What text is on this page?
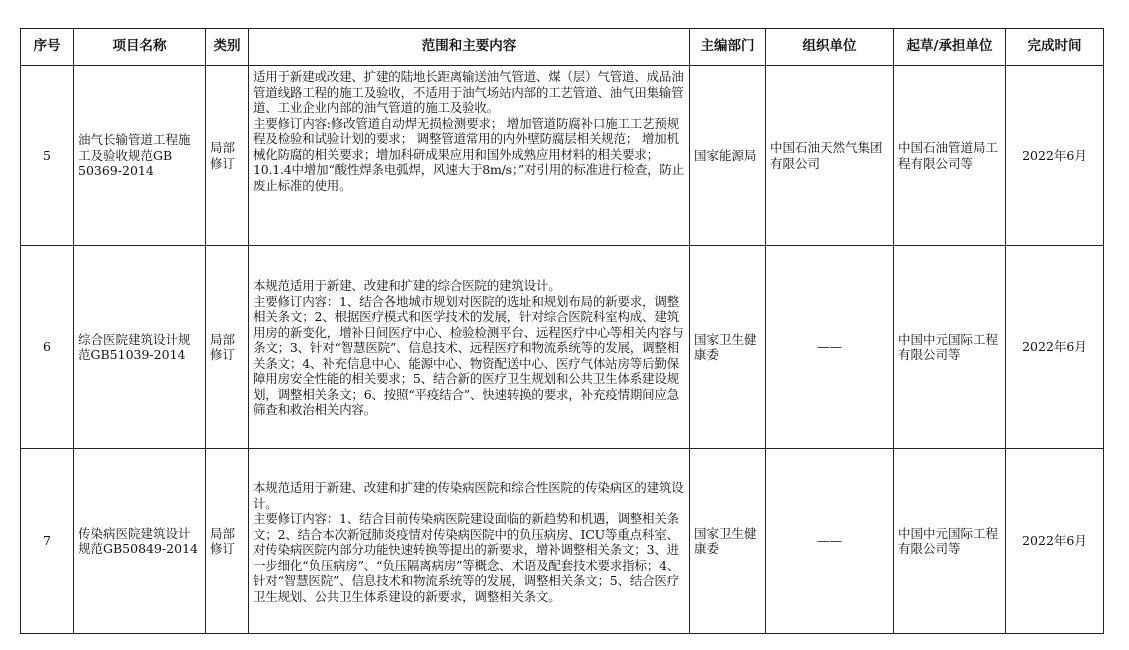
序号	项目名称	类别	范围和主要内容	主编部门	组织单位	起草/承担单位	完成时间
5	油气长输管道工程施工及验收规范GB 50369-2014	局部修订	适用于新建或改建、扩建的陆地长距离输送油气管道、煤（层）气管道、成品油管道线路工程的施工及验收，不适用于油气场站内部的工艺管道、油气田集输管道、工业企业内部的油气管道的施工及验收。
主要修订内容:修改管道自动焊无损检测要求； 增加管道防腐补口施工工艺预规程及检验和试验计划的要求； 调整管道常用的内外壁防腐层相关规范； 增加机械化防腐的相关要求；增加科研成果应用和国外成熟应用材料的相关要求；10.1.4中增加“酸性焊条电弧焊，风速大于8m/s；”对引用的标准进行检查，防止废止标准的使用。	国家能源局	中国石油天然气集团有限公司	中国石油管道局工程有限公司等	2022年6月
6	综合医院建筑设计规范GB51039-2014	局部修订	本规范适用于新建、改建和扩建的综合医院的建筑设计。
主要修订内容：1、结合各地城市规划对医院的选址和规划布局的新要求，调整相关条文；2、根据医疗模式和医学技术的发展，针对综合医院科室构成、建筑用房的新变化，增补日间医疗中心、检验检测平台、远程医疗中心等相关内容与条文；3、针对“智慧医院”、信息技术、远程医疗和物流系统等的发展，调整相关条文；4、补充信息中心、能源中心、物资配送中心、医疗气体站房等后勤保障用房安全性能的相关要求；5、结合新的医疗卫生规划和公共卫生体系建设规划，调整相关条文；6、按照“平疫结合”、快速转换的要求，补充疫情期间应急筛查和救治相关内容。	国家卫生健康委	——	中国中元国际工程有限公司等	2022年6月
7	传染病医院建筑设计规范GB50849-2014	局部修订	本规范适用于新建、改建和扩建的传染病医院和综合性医院的传染病区的建筑设计。
主要修订内容：1、结合目前传染病医院建设面临的新趋势和机遇，调整相关条文；2、结合本次新冠肺炎疫情对传染病医院中的负压病房、ICU等重点科室、对传染病医院内部分功能快速转换等提出的新要求，增补调整相关条文；3、进一步细化“负压病房”、“负压隔离病房”等概念、术语及配套技术要求指标；4、针对“智慧医院”、信息技术和物流系统等的发展，调整相关条文；5、结合医疗卫生规划、公共卫生体系建设的新要求，调整相关条文。	国家卫生健康委	——	中国中元国际工程有限公司等	2022年6月
